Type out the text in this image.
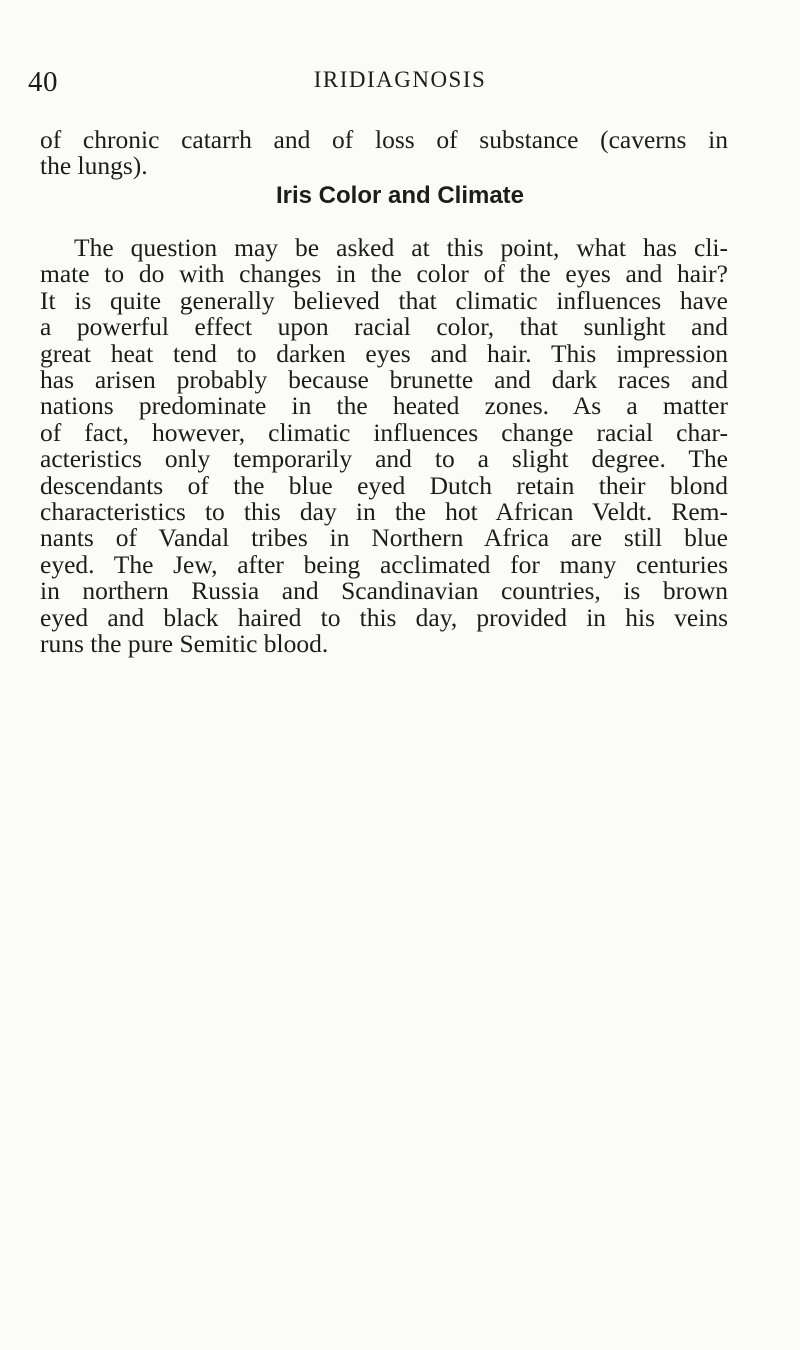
40	IRIDIAGNOSIS
of chronic catarrh and of loss of substance (caverns in
the lungs).
Iris Color and Climate
The question may be asked at this point, what has cli-
mate to do with changes in the color of the eyes and hair?
It is quite generally believed that climatic influences have
a powerful effect upon racial color, that sunlight and
great heat tend to darken eyes and hair. This impression
has arisen probably because brunette and dark races and
nations predominate in the heated zones. As a matter
of fact, however, climatic influences change racial char-
acteristics only temporarily and to a slight degree. The
descendants of the blue eyed Dutch retain their blond
characteristics to this day in the hot African Veldt. Rem-
nants of Vandal tribes in Northern Africa are still blue
eyed. The Jew, after being acclimated for many centuries
in northern Russia and Scandinavian countries, is brown
eyed and black haired to this day, provided in his veins
runs the pure Semitic blood.
